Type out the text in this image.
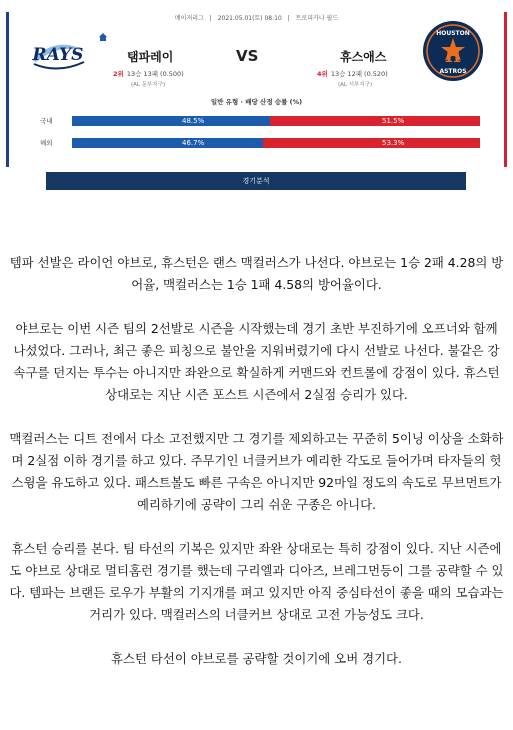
메이저리그 | 2021.05.01(토) 08:10 | 트로피카나 필드
RAYS
HOUSTON
H
ASTROS
탬파레이	VS	휴스애스
2위 13승 13패 (0.500)
(AL 동부지구)
4위 13승 12패 (0.520)
(AL 서부지구)
일반 유형 · 배당 산정 승률 (%)
국내	48.5%	51.5%
해외	46.7%	53.3%
경기분석

템파 선발은 라이언 야브로, 휴스턴은 랜스 맥컬러스가 나선다. 야브로는 1승 2패 4.28의 방어율, 맥컬러스는 1승 1패 4.58의 방어율이다.

야브로는 이번 시즌 팀의 2선발로 시즌을 시작했는데 경기 초반 부진하기에 오프너와 함께 나섰었다. 그러나, 최근 좋은 피칭으로 불안을 지워버렸기에 다시 선발로 나선다. 불같은 강속구를 던지는 투수는 아니지만 좌완으로 확실하게 커맨드와 컨트롤에 강점이 있다. 휴스턴 상대로는 지난 시즌 포스트 시즌에서 2실점 승리가 있다.

맥컬러스는 디트 전에서 다소 고전했지만 그 경기를 제외하고는 꾸준히 5이닝 이상을 소화하며 2실점 이하 경기를 하고 있다. 주무기인 너클커브가 예리한 각도로 들어가며 타자들의 헛스윙을 유도하고 있다. 패스트볼도 빠른 구속은 아니지만 92마일 정도의 속도로 무브먼트가 예리하기에 공략이 그리 쉬운 구종은 아니다.

휴스턴 승리를 본다. 팀 타선의 기복은 있지만 좌완 상대로는 특히 강점이 있다. 지난 시즌에도 야브로 상대로 멀티홈런 경기를 했는데 구리엘과 디아즈, 브레그먼등이 그를 공략할 수 있다. 템파는 브랜든 로우가 부활의 기지개를 펴고 있지만 아직 중심타선이 좋을 때의 모습과는 거리가 있다. 맥컬러스의 너클커브 상대로 고전 가능성도 크다.

휴스턴 타선이 야브로를 공략할 것이기에 오버 경기다.
